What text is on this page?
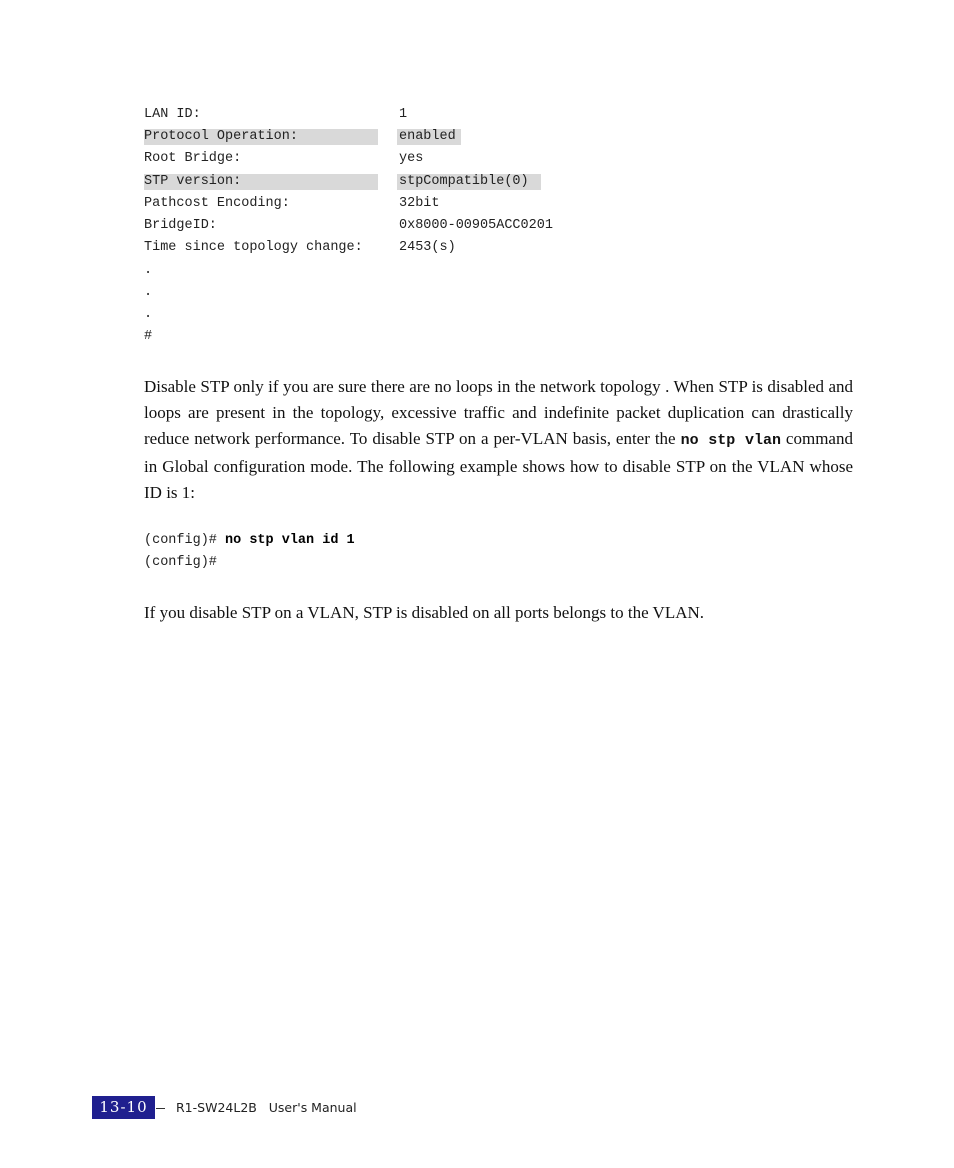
LAN ID:

	1

Protocol Operation:

	enabled

Root Bridge:

	yes

STP version:

	stpCompatible(0)

Pathcost Encoding:

	32bit

BridgeID:

	0x8000-00905ACC0201

Time since topology change:

	2453(s)

.
.
.
#

Disable STP only if you are sure there are no loops in the network topology . When STP is disabled and loops are present in the topology, excessive traffic and indefinite packet duplication can drastically reduce network performance. To disable STP on a per-VLAN basis, enter the no stp vlan command in Global configuration mode. The following example shows how to disable STP on the VLAN whose ID is 1:

(config)# no stp vlan id 1
(config)#

If you disable STP on a VLAN, STP is disabled on all ports belongs to the VLAN.

13-10	R1-SW24L2B User's Manual
